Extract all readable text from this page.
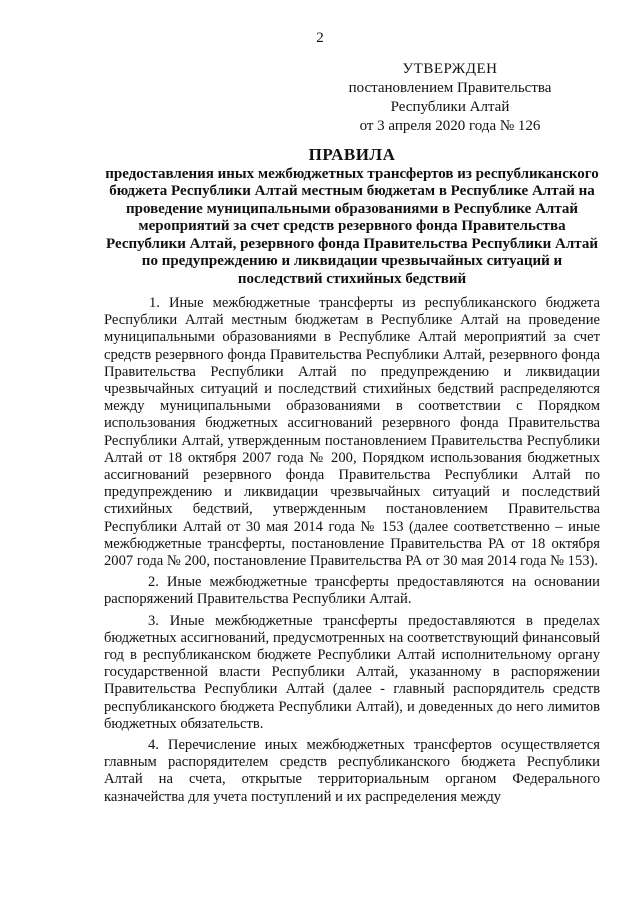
2
УТВЕРЖДЕН
постановлением Правительства
Республики Алтай
от 3 апреля 2020 года № 126
ПРАВИЛА
предоставления иных межбюджетных трансфертов из республиканского бюджета Республики Алтай местным бюджетам в Республике Алтай на проведение муниципальными образованиями в Республике Алтай мероприятий за счет средств резервного фонда Правительства Республики Алтай, резервного фонда Правительства Республики Алтай по предупреждению и ликвидации чрезвычайных ситуаций и последствий стихийных бедствий

1. Иные межбюджетные трансферты из республиканского бюджета Республики Алтай местным бюджетам в Республике Алтай на проведение муниципальными образованиями в Республике Алтай мероприятий за счет средств резервного фонда Правительства Республики Алтай, резервного фонда Правительства Республики Алтай по предупреждению и ликвидации чрезвычайных ситуаций и последствий стихийных бедствий распределяются между муниципальными образованиями в соответствии с Порядком использования бюджетных ассигнований резервного фонда Правительства Республики Алтай, утвержденным постановлением Правительства Республики Алтай от 18 октября 2007 года № 200, Порядком использования бюджетных ассигнований резервного фонда Правительства Республики Алтай по предупреждению и ликвидации чрезвычайных ситуаций и последствий стихийных бедствий, утвержденным постановлением Правительства Республики Алтай от 30 мая 2014 года № 153 (далее соответственно – иные межбюджетные трансферты, постановление Правительства РА от 18 октября 2007 года № 200, постановление Правительства РА от 30 мая 2014 года № 153).

2. Иные межбюджетные трансферты предоставляются на основании распоряжений Правительства Республики Алтай.

3. Иные межбюджетные трансферты предоставляются в пределах бюджетных ассигнований, предусмотренных на соответствующий финансовый год в республиканском бюджете Республики Алтай исполнительному органу государственной власти Республики Алтай, указанному в распоряжении Правительства Республики Алтай (далее - главный распорядитель средств республиканского бюджета Республики Алтай), и доведенных до него лимитов бюджетных обязательств.

4. Перечисление иных межбюджетных трансфертов осуществляется главным распорядителем средств республиканского бюджета Республики Алтай на счета, открытые территориальным органом Федерального казначейства для учета поступлений и их распределения между
